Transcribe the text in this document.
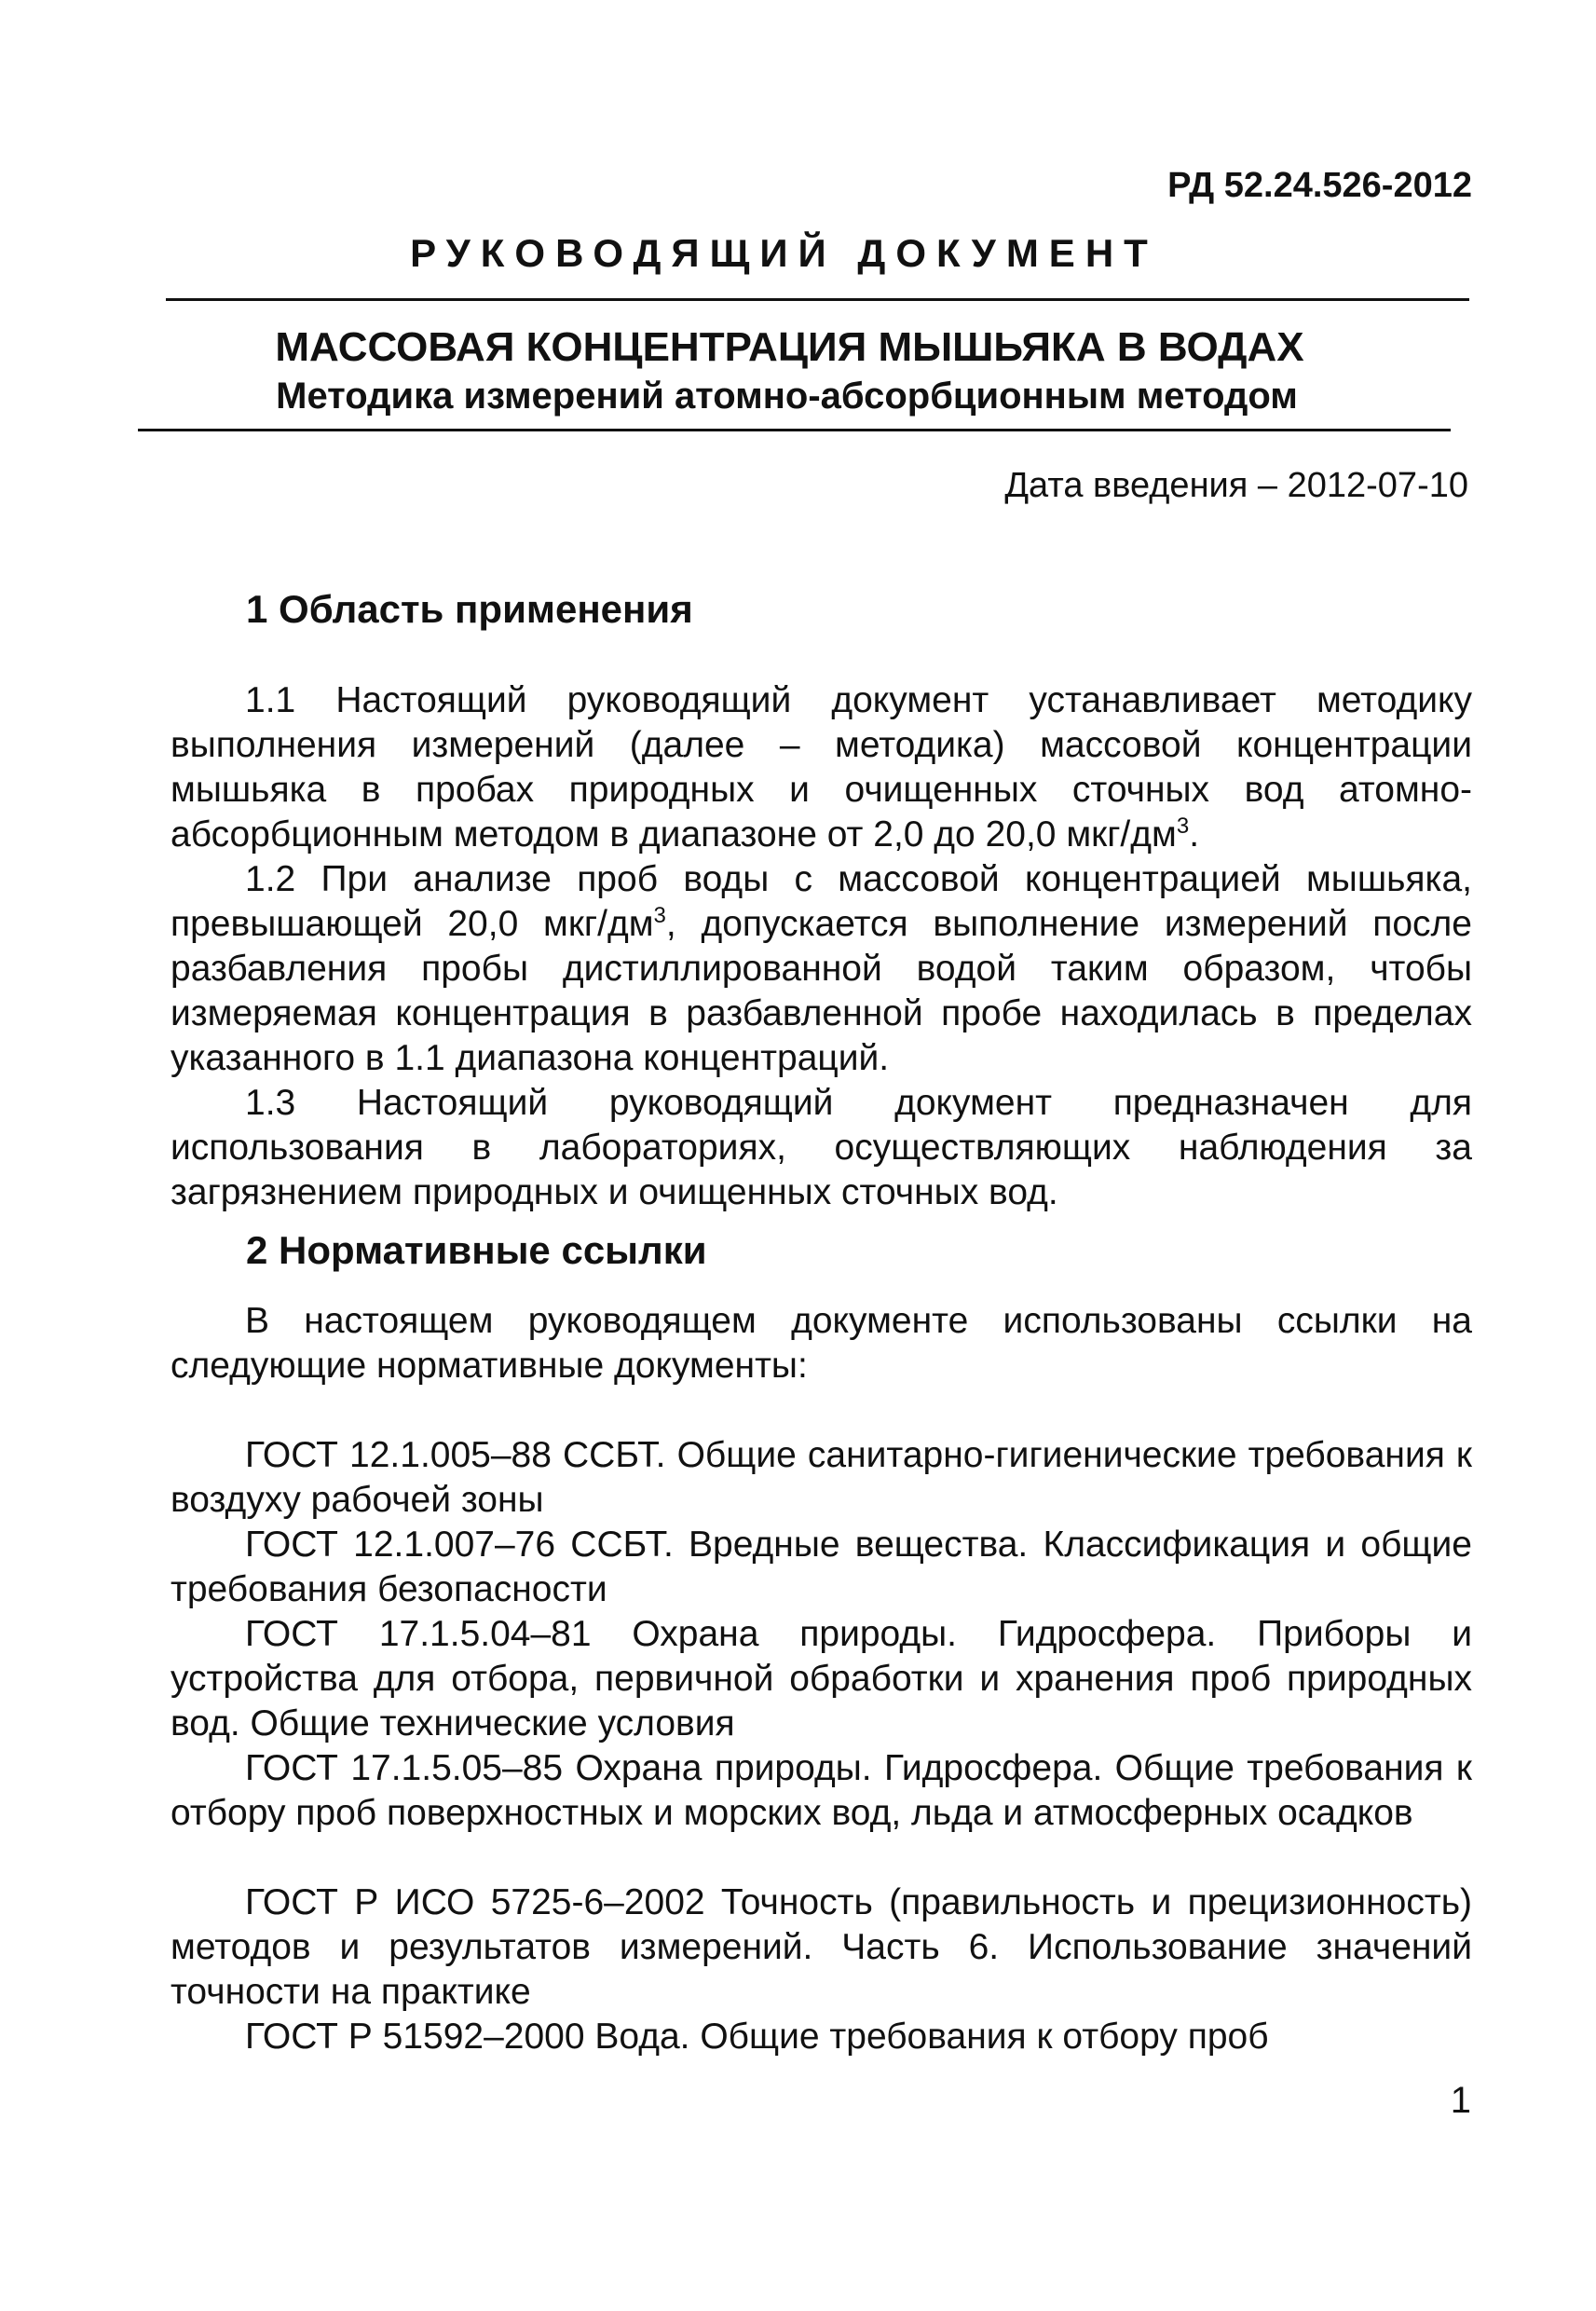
РД 52.24.526-2012
РУКОВОДЯЩИЙ ДОКУМЕНТ
МАССОВАЯ КОНЦЕНТРАЦИЯ МЫШЬЯКА В ВОДАХ
Методика измерений атомно-абсорбционным методом
Дата введения – 2012-07-10
1 Область применения

1.1 Настоящий руководящий документ устанавливает методику выполнения измерений (далее – методика) массовой концентрации мышьяка в пробах природных и очищенных сточных вод атомно-абсорбционным методом в диапазоне от 2,0 до 20,0 мкг/$дм^3$.

1.2 При анализе проб воды с массовой концентрацией мышьяка, превышающей 20,0 мкг/$дм^3$, допускается выполнение измерений после разбавления пробы дистиллированной водой таким образом, чтобы измеряемая концентрация в разбавленной пробе находилась в пределах указанного в 1.1 диапазона концентраций.

1.3 Настоящий руководящий документ предназначен для использования в лабораториях, осуществляющих наблюдения за загрязнением природных и очищенных сточных вод.

2 Нормативные ссылки

В настоящем руководящем документе использованы ссылки на следующие нормативные документы:

ГОСТ 12.1.005–88 ССБТ. Общие санитарно-гигиенические требования к воздуху рабочей зоны

ГОСТ 12.1.007–76 ССБТ. Вредные вещества. Классификация и общие требования безопасности

ГОСТ 17.1.5.04–81 Охрана природы. Гидросфера. Приборы и устройства для отбора, первичной обработки и хранения проб природных вод. Общие технические условия

ГОСТ 17.1.5.05–85 Охрана природы. Гидросфера. Общие требования к отбору проб поверхностных и морских вод, льда и атмосферных осадков

ГОСТ Р ИСО 5725-6–2002 Точность (правильность и прецизионность) методов и результатов измерений. Часть 6. Использование значений точности на практике

ГОСТ Р 51592–2000 Вода. Общие требования к отбору проб

1
